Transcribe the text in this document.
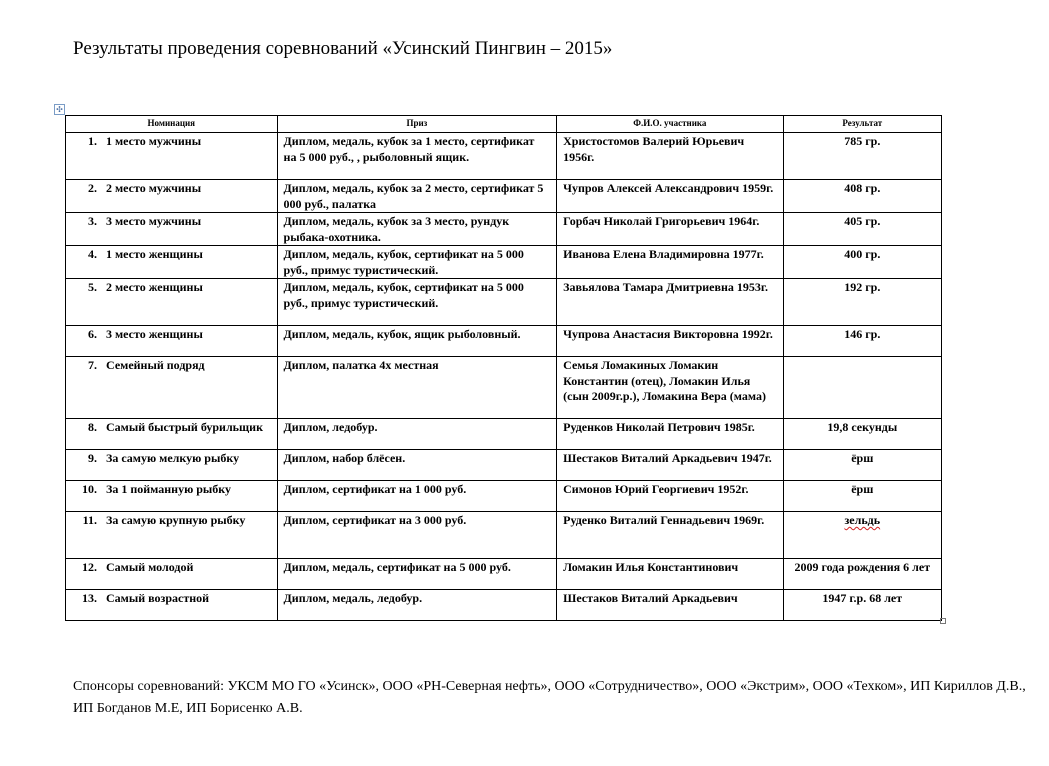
Результаты проведения соревнований «Усинский Пингвин – 2015»
✣
Номинация	Приз	Ф.И.О. участника	Результат

1. 1 место мужчины	Диплом, медаль, кубок за 1 место, сертификат на 5 000 руб., , рыболовный ящик.	Христостомов Валерий Юрьевич 1956г.	785 гр.

2. 2 место мужчины	Диплом, медаль, кубок за 2 место, сертификат 5 000 руб., палатка	Чупров Алексей Александрович 1959г.	408 гр.

3. 3 место мужчины	Диплом, медаль, кубок за 3 место, рундук рыбака-охотника.	Горбач Николай Григорьевич 1964г.	405 гр.

4. 1 место женщины	Диплом, медаль, кубок, сертификат на 5 000 руб., примус туристический.	Иванова Елена Владимировна 1977г.	400 гр.

5. 2 место женщины	Диплом, медаль, кубок, сертификат на 5 000 руб., примус туристический.	Завьялова Тамара Дмитриевна 1953г.	192 гр.

6. 3 место женщины	Диплом, медаль, кубок, ящик рыболовный.	Чупрова Анастасия Викторовна 1992г.	146 гр.

7. Семейный подряд	Диплом, палатка 4х местная	Семья Ломакиных Ломакин Константин (отец), Ломакин Илья (сын 2009г.р.), Ломакина Вера (мама)	

8. Самый быстрый бурильщик	Диплом, ледобур.	Руденков Николай Петрович 1985г.	19,8 секунды

9. За самую мелкую рыбку	Диплом, набор блёсен.	Шестаков Виталий Аркадьевич 1947г.	ёрш

10. За 1 пойманную рыбку	Диплом, сертификат на 1 000 руб.	Симонов Юрий Георгиевич 1952г.	ёрш

11. За самую крупную рыбку	Диплом, сертификат на 3 000 руб.	Руденко Виталий Геннадьевич 1969г.	зельдь

12. Самый молодой	Диплом, медаль, сертификат на 5 000 руб.	Ломакин Илья Константинович	2009 года рождения 6 лет

13. Самый возрастной	Диплом, медаль, ледобур.	Шестаков Виталий Аркадьевич	1947 г.р. 68 лет
Спонсоры соревнований: УКСМ МО ГО «Усинск», ООО «РН-Северная нефть», ООО «Сотрудничество», ООО «Экстрим», ООО «Техком», ИП Кириллов Д.В., ИП Богданов М.Е, ИП Борисенко А.В.
